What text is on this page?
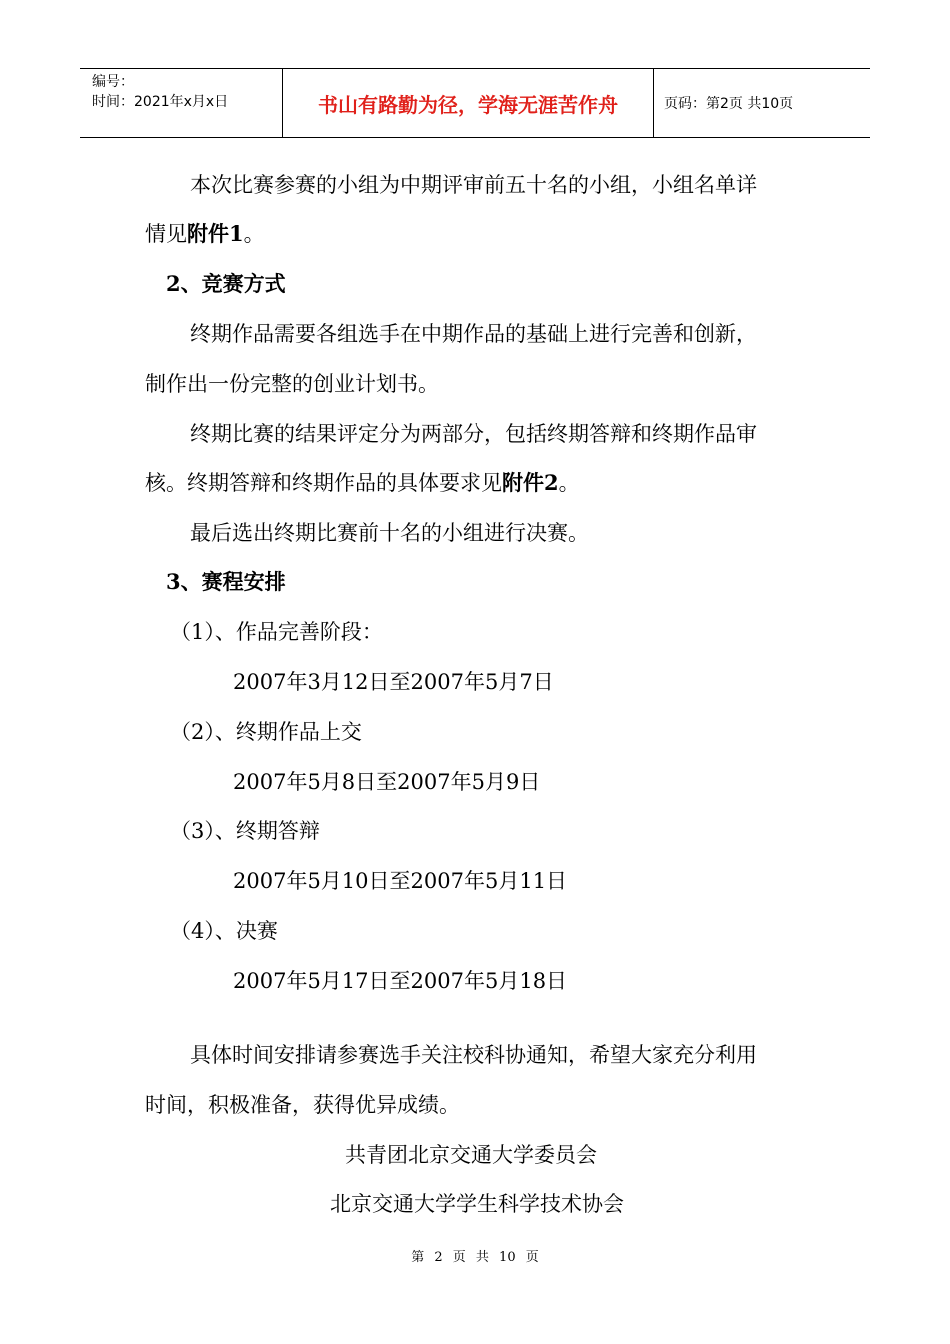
编号：
时间：2021年x月x日	书山有路勤为径，学海无涯苦作舟	页码：第2页 共10页
本次比赛参赛的小组为中期评审前五十名的小组，小组名单详
情见附件1。
2、竞赛方式
终期作品需要各组选手在中期作品的基础上进行完善和创新，
制作出一份完整的创业计划书。
终期比赛的结果评定分为两部分，包括终期答辩和终期作品审
核。终期答辩和终期作品的具体要求见附件2。
最后选出终期比赛前十名的小组进行决赛。
3、赛程安排
（1）、作品完善阶段：
2007年3月12日至2007年5月7日
（2）、终期作品上交
2007年5月8日至2007年5月9日
（3）、终期答辩
2007年5月10日至2007年5月11日
（4）、决赛
2007年5月17日至2007年5月18日
具体时间安排请参赛选手关注校科协通知，希望大家充分利用
时间，积极准备，获得优异成绩。
共青团北京交通大学委员会
北京交通大学学生科学技术协会
第 2 页 共 10 页
